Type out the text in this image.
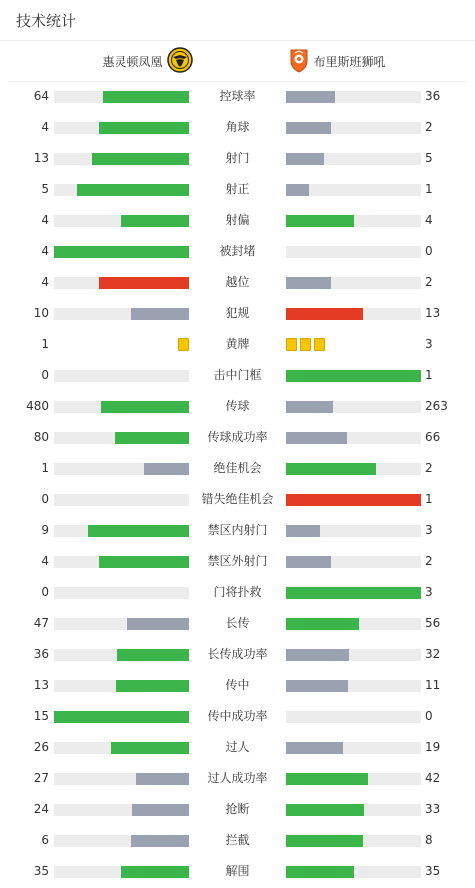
技术统计
惠灵顿凤凰	布里斯班狮吼
64	控球率	36
4	角球	2
13	射门	5
5	射正	1
4	射偏	4
4	被封堵	0
4	越位	2
10	犯规	13
1	黄牌	3
0	击中门框	1
480	传球	263
80	传球成功率	66
1	绝佳机会	2
0	错失绝佳机会	1
9	禁区内射门	3
4	禁区外射门	2
0	门将扑救	3
47	长传	56
36	长传成功率	32
13	传中	11
15	传中成功率	0
26	过人	19
27	过人成功率	42
24	抢断	33
6	拦截	8
35	解围	35
